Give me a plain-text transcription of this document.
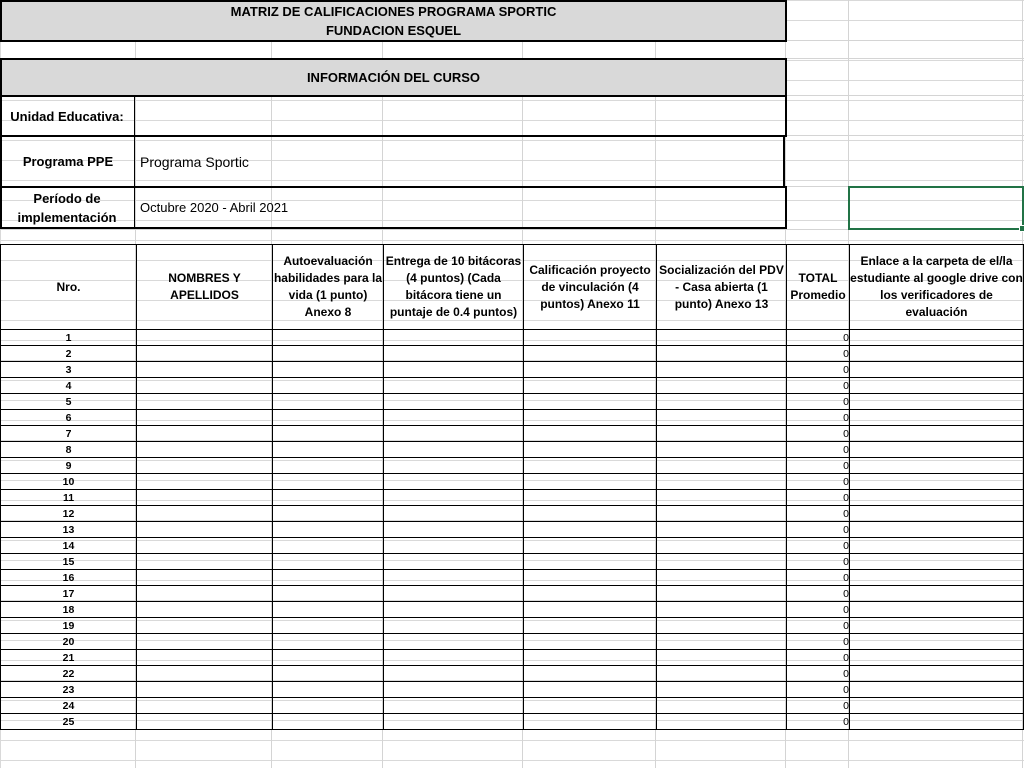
MATRIZ DE CALIFICACIONES PROGRAMA SPORTIC
FUNDACION ESQUEL
INFORMACIÓN DEL CURSO
Unidad Educativa:
Programa PPE Programa Sportic
Período de
implementación
Octubre 2020 - Abril 2021
Nro.	NOMBRES Y APELLIDOS	Autoevaluación habilidades para la vida (1 punto) Anexo 8	Entrega de 10 bitácoras (4 puntos) (Cada bitácora tiene un puntaje de 0.4 puntos)	Calificación proyecto de vinculación (4 puntos) Anexo 11	Socialización del PDV - Casa abierta (1 punto) Anexo 13	TOTAL Promedio	Enlace a la carpeta de el/la estudiante al google drive con los verificadores de evaluación
1						0	
2						0	
3						0	
4						0	
5						0	
6						0	
7						0	
8						0	
9						0	
10						0	
11						0	
12						0	
13						0	
14						0	
15						0	
16						0	
17						0	
18						0	
19						0	
20						0	
21						0	
22						0	
23						0	
24						0	
25						0	
